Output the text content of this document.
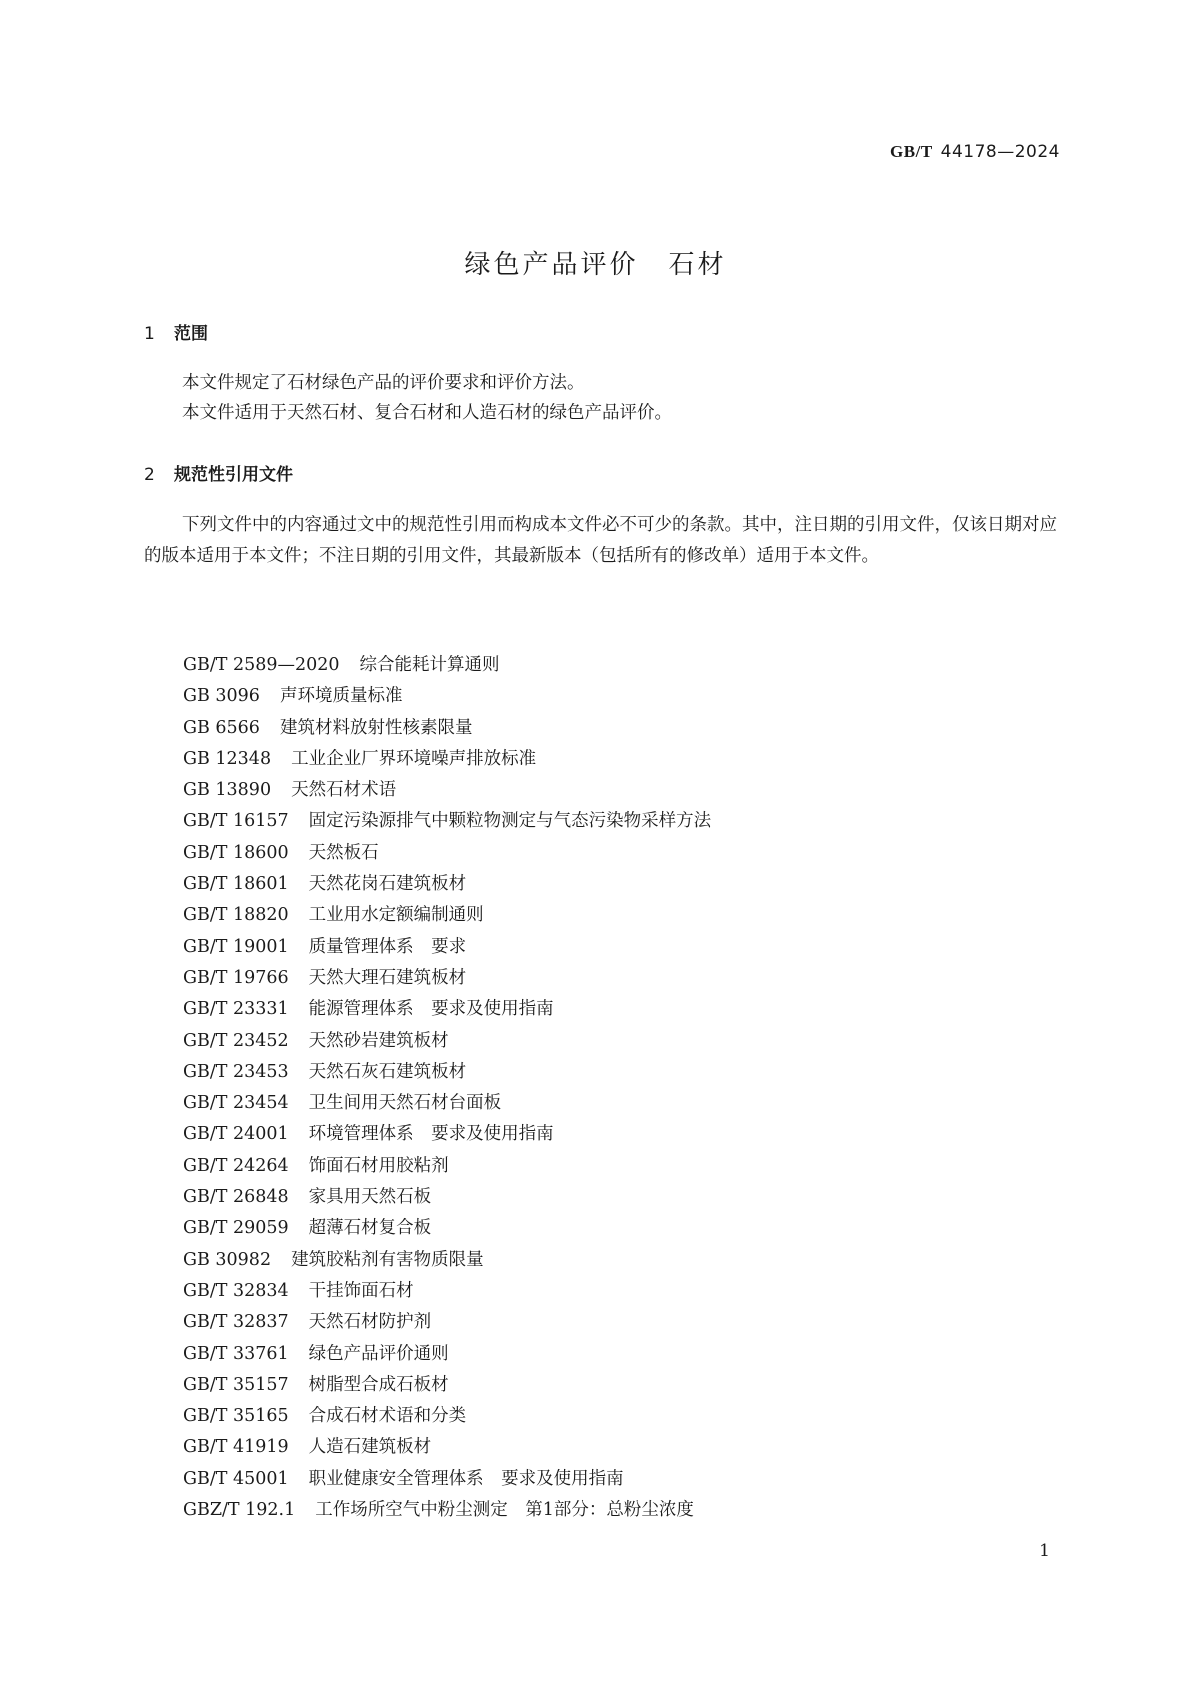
GB/T 44178—2024
绿色产品评价 石材
1 范围
本文件规定了石材绿色产品的评价要求和评价方法。
本文件适用于天然石材、复合石材和人造石材的绿色产品评价。
2 规范性引用文件
下列文件中的内容通过文中的规范性引用而构成本文件必不可少的条款。其中，注日期的引用文件，仅该日期对应的版本适用于本文件；不注日期的引用文件，其最新版本（包括所有的修改单）适用于本文件。
GB/T 2589—2020 综合能耗计算通则
GB 3096 声环境质量标准
GB 6566 建筑材料放射性核素限量
GB 12348 工业企业厂界环境噪声排放标准
GB 13890 天然石材术语
GB/T 16157 固定污染源排气中颗粒物测定与气态污染物采样方法
GB/T 18600 天然板石
GB/T 18601 天然花岗石建筑板材
GB/T 18820 工业用水定额编制通则
GB/T 19001 质量管理体系　要求
GB/T 19766 天然大理石建筑板材
GB/T 23331 能源管理体系　要求及使用指南
GB/T 23452 天然砂岩建筑板材
GB/T 23453 天然石灰石建筑板材
GB/T 23454 卫生间用天然石材台面板
GB/T 24001 环境管理体系　要求及使用指南
GB/T 24264 饰面石材用胶粘剂
GB/T 26848 家具用天然石板
GB/T 29059 超薄石材复合板
GB 30982 建筑胶粘剂有害物质限量
GB/T 32834 干挂饰面石材
GB/T 32837 天然石材防护剂
GB/T 33761 绿色产品评价通则
GB/T 35157 树脂型合成石板材
GB/T 35165 合成石材术语和分类
GB/T 41919 人造石建筑板材
GB/T 45001 职业健康安全管理体系　要求及使用指南
GBZ/T 192.1 工作场所空气中粉尘测定　第1部分：总粉尘浓度
1
